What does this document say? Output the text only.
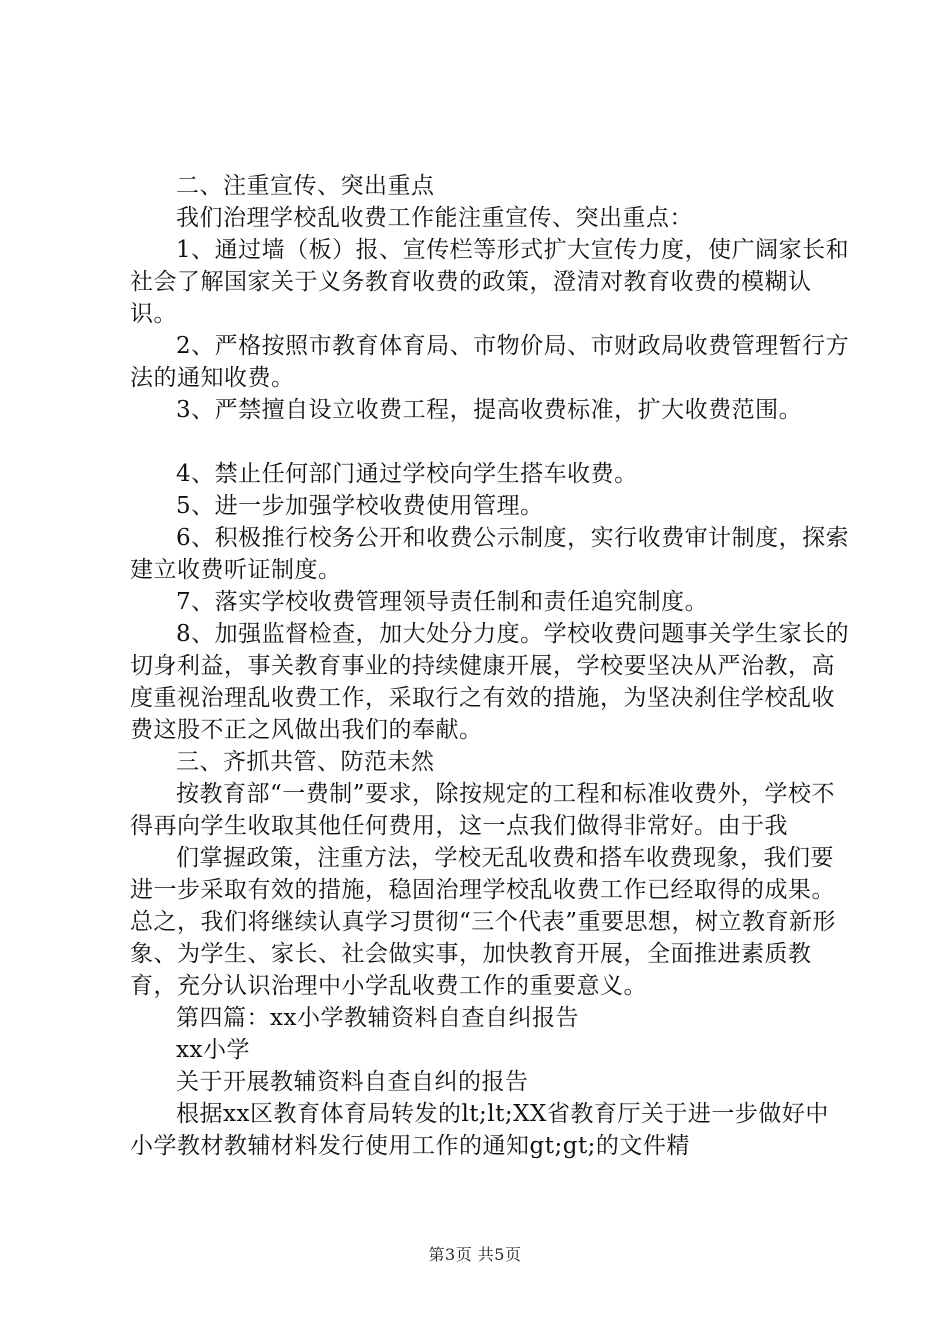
二、注重宣传、突出重点

我们治理学校乱收费工作能注重宣传、突出重点：

1、通过墙（板）报、宣传栏等形式扩大宣传力度，使广阔家长和社会了解国家关于义务教育收费的政策，澄清对教育收费的模糊认识。

2、严格按照市教育体育局、市物价局、市财政局收费管理暂行方法的通知收费。

3、严禁擅自设立收费工程，提高收费标准，扩大收费范围。

4、禁止任何部门通过学校向学生搭车收费。

5、进一步加强学校收费使用管理。

6、积极推行校务公开和收费公示制度，实行收费审计制度，探索建立收费听证制度。

7、落实学校收费管理领导责任制和责任追究制度。

8、加强监督检查，加大处分力度。学校收费问题事关学生家长的切身利益，事关教育事业的持续健康开展，学校要坚决从严治教，高度重视治理乱收费工作，采取行之有效的措施，为坚决刹住学校乱收费这股不正之风做出我们的奉献。

三、齐抓共管、防范未然

按教育部“一费制”要求，除按规定的工程和标准收费外，学校不得再向学生收取其他任何费用，这一点我们做得非常好。由于我

们掌握政策，注重方法，学校无乱收费和搭车收费现象，我们要进一步采取有效的措施，稳固治理学校乱收费工作已经取得的成果。总之，我们将继续认真学习贯彻“三个代表”重要思想，树立教育新形象、为学生、家长、社会做实事，加快教育开展，全面推进素质教育，充分认识治理中小学乱收费工作的重要意义。

第四篇：xx小学教辅资料自查自纠报告

xx小学

关于开展教辅资料自查自纠的报告

根据xx区教育体育局转发的lt;lt;XX省教育厅关于进一步做好中小学教材教辅材料发行使用工作的通知gt;gt;的文件精

第3页 共5页
